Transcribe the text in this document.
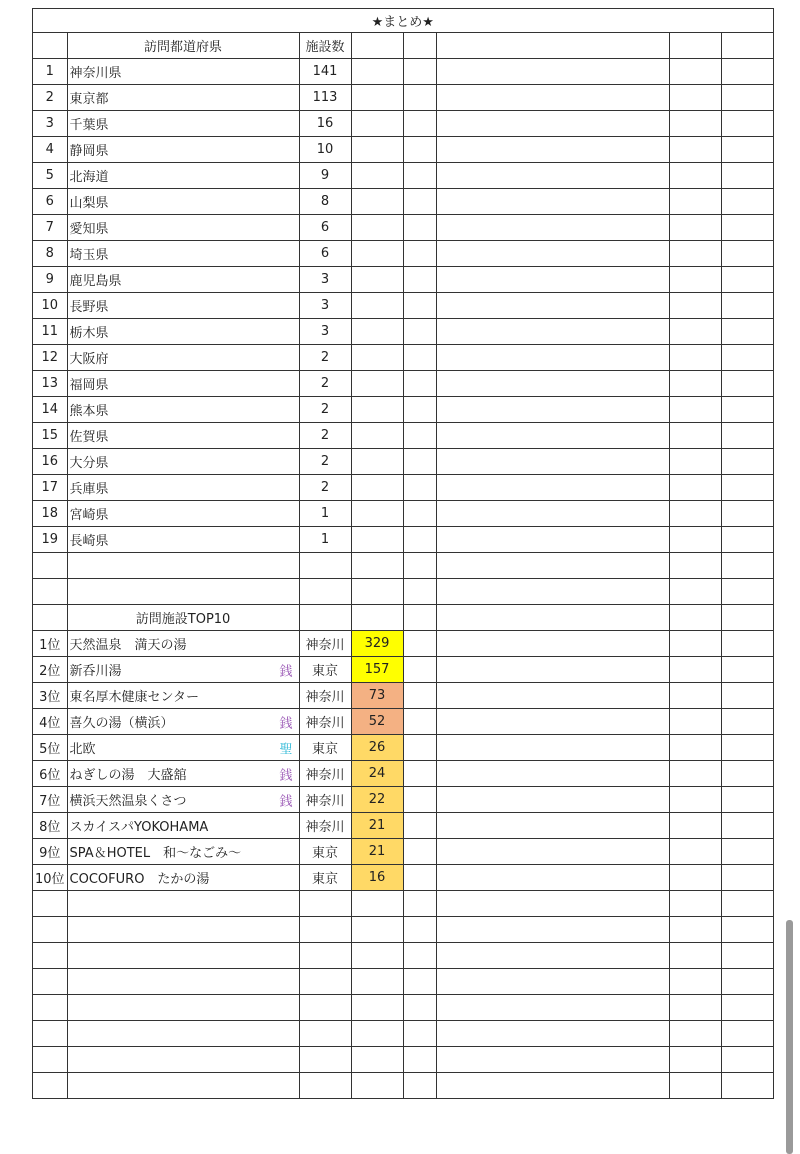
★まとめ★							
	訪問都道府県	施設数					
1	神奈川県	141					
2	東京都	113					
3	千葉県	16					
4	静岡県	10					
5	北海道	9					
6	山梨県	8					
7	愛知県	6					
8	埼玉県	6					
9	鹿児島県	3					
10	長野県	3					
11	栃木県	3					
12	大阪府	2					
13	福岡県	2					
14	熊本県	2					
15	佐賀県	2					
16	大分県	2					
17	兵庫県	2					
18	宮崎県	1					
19	長崎県	1					

	訪問施設TOP10						
1位	天然温泉　満天の湯	神奈川	329				
2位	新呑川湯 銭	東京	157				
3位	東名厚木健康センター	神奈川	73				
4位	喜久の湯（横浜） 銭	神奈川	52				
5位	北欧 聖	東京	26				
6位	ねぎしの湯　大盛舘 銭	神奈川	24				
7位	横浜天然温泉くさつ 銭	神奈川	22				
8位	スカイスパYOKOHAMA	神奈川	21				
9位	SPA＆HOTEL　和～なごみ～	東京	21				
10位	COCOFURO　たかの湯	東京	16				
